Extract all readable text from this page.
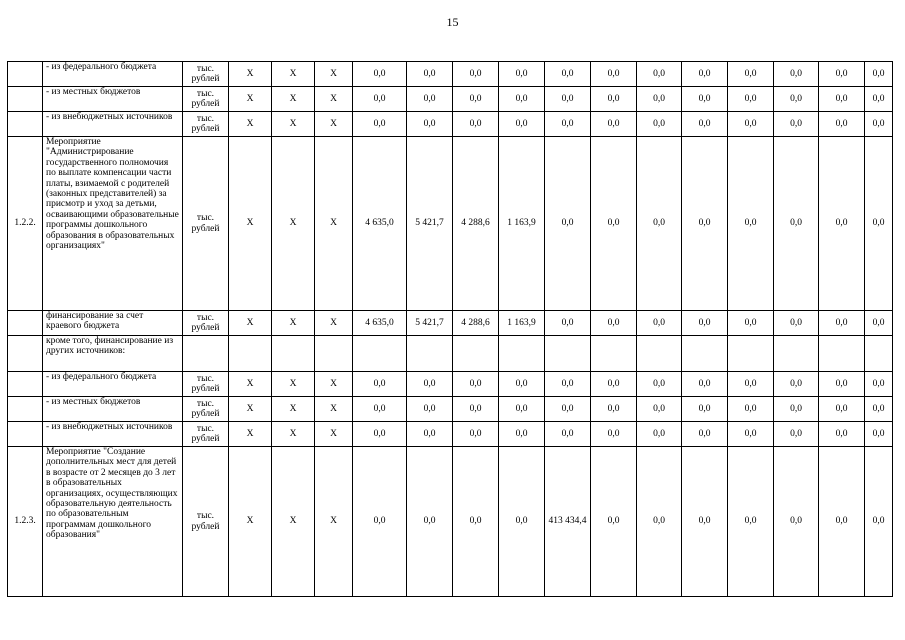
15
	- из федерального бюджета	тыс. рублей	X	X	X	0,0	0,0	0,0	0,0	0,0	0,0	0,0	0,0	0,0	0,0	0,0	0,0
	- из местных бюджетов	тыс. рублей	X	X	X	0,0	0,0	0,0	0,0	0,0	0,0	0,0	0,0	0,0	0,0	0,0	0,0
	- из внебюджетных источников	тыс. рублей	X	X	X	0,0	0,0	0,0	0,0	0,0	0,0	0,0	0,0	0,0	0,0	0,0	0,0
1.2.2.	Мероприятие "Администрирование государственного полномочия по выплате компенсации части платы, взимаемой с родителей (законных представителей) за присмотр и уход за детьми, осваивающими образовательные программы дошкольного образования в образовательных организациях"	тыс. рублей	X	X	X	4 635,0	5 421,7	4 288,6	1 163,9	0,0	0,0	0,0	0,0	0,0	0,0	0,0	0,0
	финансирование за счет краевого бюджета	тыс. рублей	X	X	X	4 635,0	5 421,7	4 288,6	1 163,9	0,0	0,0	0,0	0,0	0,0	0,0	0,0	0,0
	кроме того, финансирование из других источников:																
	- из федерального бюджета	тыс. рублей	X	X	X	0,0	0,0	0,0	0,0	0,0	0,0	0,0	0,0	0,0	0,0	0,0	0,0
	- из местных бюджетов	тыс. рублей	X	X	X	0,0	0,0	0,0	0,0	0,0	0,0	0,0	0,0	0,0	0,0	0,0	0,0
	- из внебюджетных источников	тыс. рублей	X	X	X	0,0	0,0	0,0	0,0	0,0	0,0	0,0	0,0	0,0	0,0	0,0	0,0
1.2.3.	Мероприятие "Создание дополнительных мест для детей в возрасте от 2 месяцев до 3 лет в образовательных организациях, осуществляющих образовательную деятельность по образовательным программам дошкольного образования"	тыс. рублей	X	X	X	0,0	0,0	0,0	0,0	413 434,4	0,0	0,0	0,0	0,0	0,0	0,0	0,0
